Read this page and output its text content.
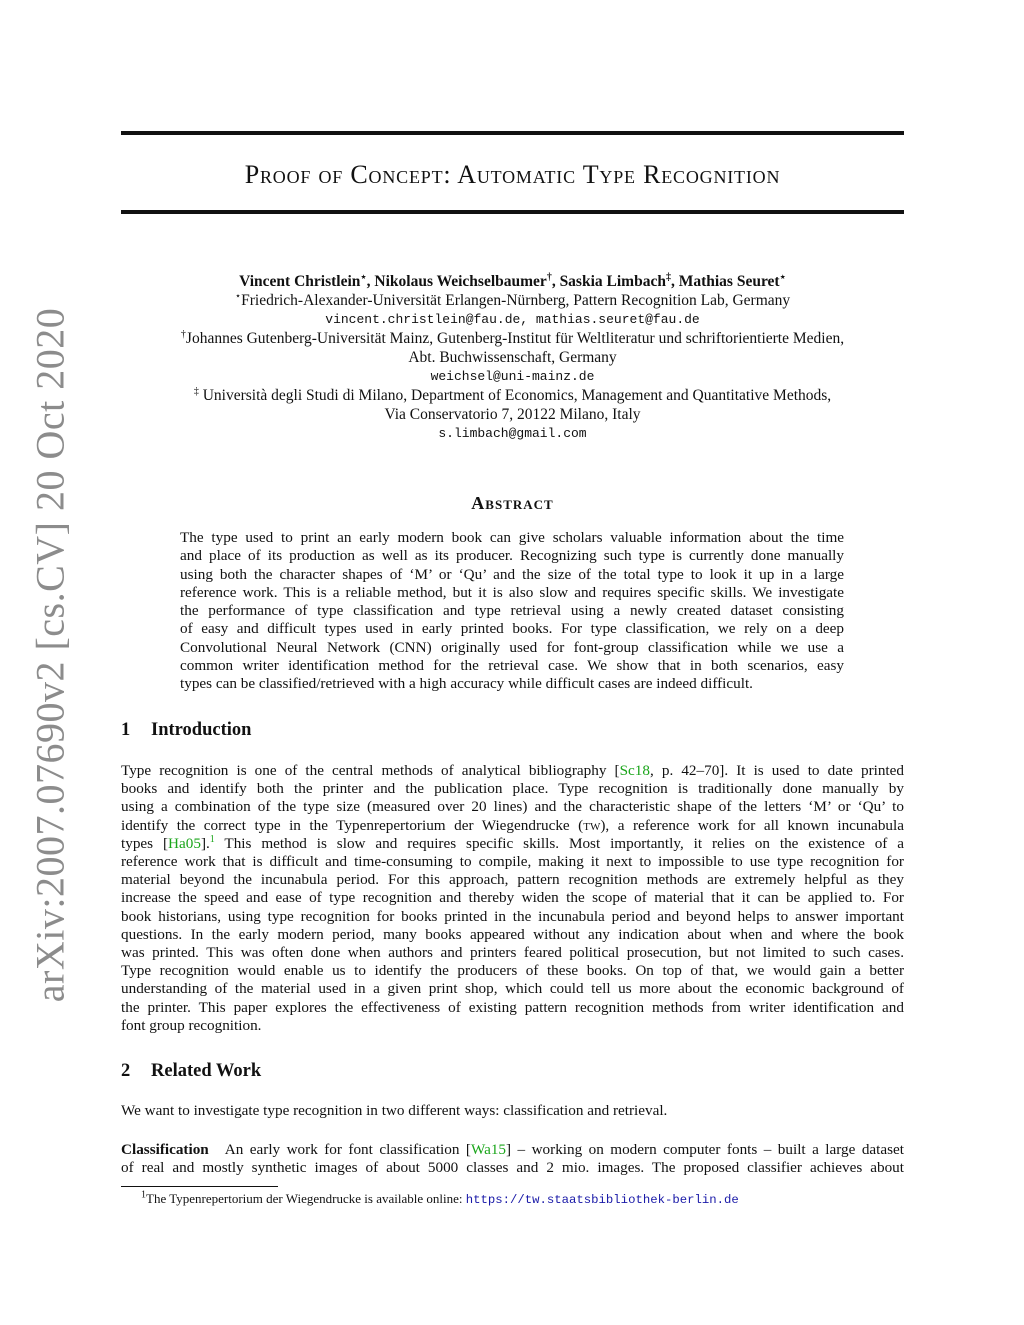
arXiv:2007.07690v2 [cs.CV] 20 Oct 2020
Proof of Concept: Automatic Type Recognition
Vincent Christlein⋆, Nikolaus Weichselbaumer†, Saskia Limbach‡, Mathias Seuret⋆
⋆Friedrich-Alexander-Universität Erlangen-Nürnberg, Pattern Recognition Lab, Germany
vincent.christlein@fau.de, mathias.seuret@fau.de
†Johannes Gutenberg-Universität Mainz, Gutenberg-Institut für Weltliteratur und schriftorientierte Medien,
Abt. Buchwissenschaft, Germany
weichsel@uni-mainz.de
‡ Università degli Studi di Milano, Department of Economics, Management and Quantitative Methods,
Via Conservatorio 7, 20122 Milano, Italy
s.limbach@gmail.com
Abstract
The type used to print an early modern book can give scholars valuable information about the time
and place of its production as well as its producer. Recognizing such type is currently done manually
using both the character shapes of ‘M’ or ‘Qu’ and the size of the total type to look it up in a large
reference work. This is a reliable method, but it is also slow and requires specific skills. We investigate
the performance of type classification and type retrieval using a newly created dataset consisting
of easy and difficult types used in early printed books. For type classification, we rely on a deep
Convolutional Neural Network (CNN) originally used for font-group classification while we use a
common writer identification method for the retrieval case. We show that in both scenarios, easy
types can be classified/retrieved with a high accuracy while difficult cases are indeed difficult.
1 Introduction
Type recognition is one of the central methods of analytical bibliography [Sc18, p. 42–70]. It is used to date printed
books and identify both the printer and the publication place. Type recognition is traditionally done manually by
using a combination of the type size (measured over 20 lines) and the characteristic shape of the letters ‘M’ or ‘Qu’ to
identify the correct type in the Typenrepertorium der Wiegendrucke (tw), a reference work for all known incunabula
types [Ha05].$^1$ This method is slow and requires specific skills. Most importantly, it relies on the existence of a
reference work that is difficult and time-consuming to compile, making it next to impossible to use type recognition for
material beyond the incunabula period. For this approach, pattern recognition methods are extremely helpful as they
increase the speed and ease of type recognition and thereby widen the scope of material that it can be applied to. For
book historians, using type recognition for books printed in the incunabula period and beyond helps to answer important
questions. In the early modern period, many books appeared without any indication about when and where the book
was printed. This was often done when authors and printers feared political prosecution, but not limited to such cases.
Type recognition would enable us to identify the producers of these books. On top of that, we would gain a better
understanding of the material used in a given print shop, which could tell us more about the economic background of
the printer. This paper explores the effectiveness of existing pattern recognition methods from writer identification and
font group recognition.
2 Related Work
We want to investigate type recognition in two different ways: classification and retrieval.
Classification An early work for font classification [Wa15] – working on modern computer fonts – built a large dataset
of real and mostly synthetic images of about 5000 classes and 2 mio. images. The proposed classifier achieves about
$^1$The Typenrepertorium der Wiegendrucke is available online: https://tw.staatsbibliothek-berlin.de
